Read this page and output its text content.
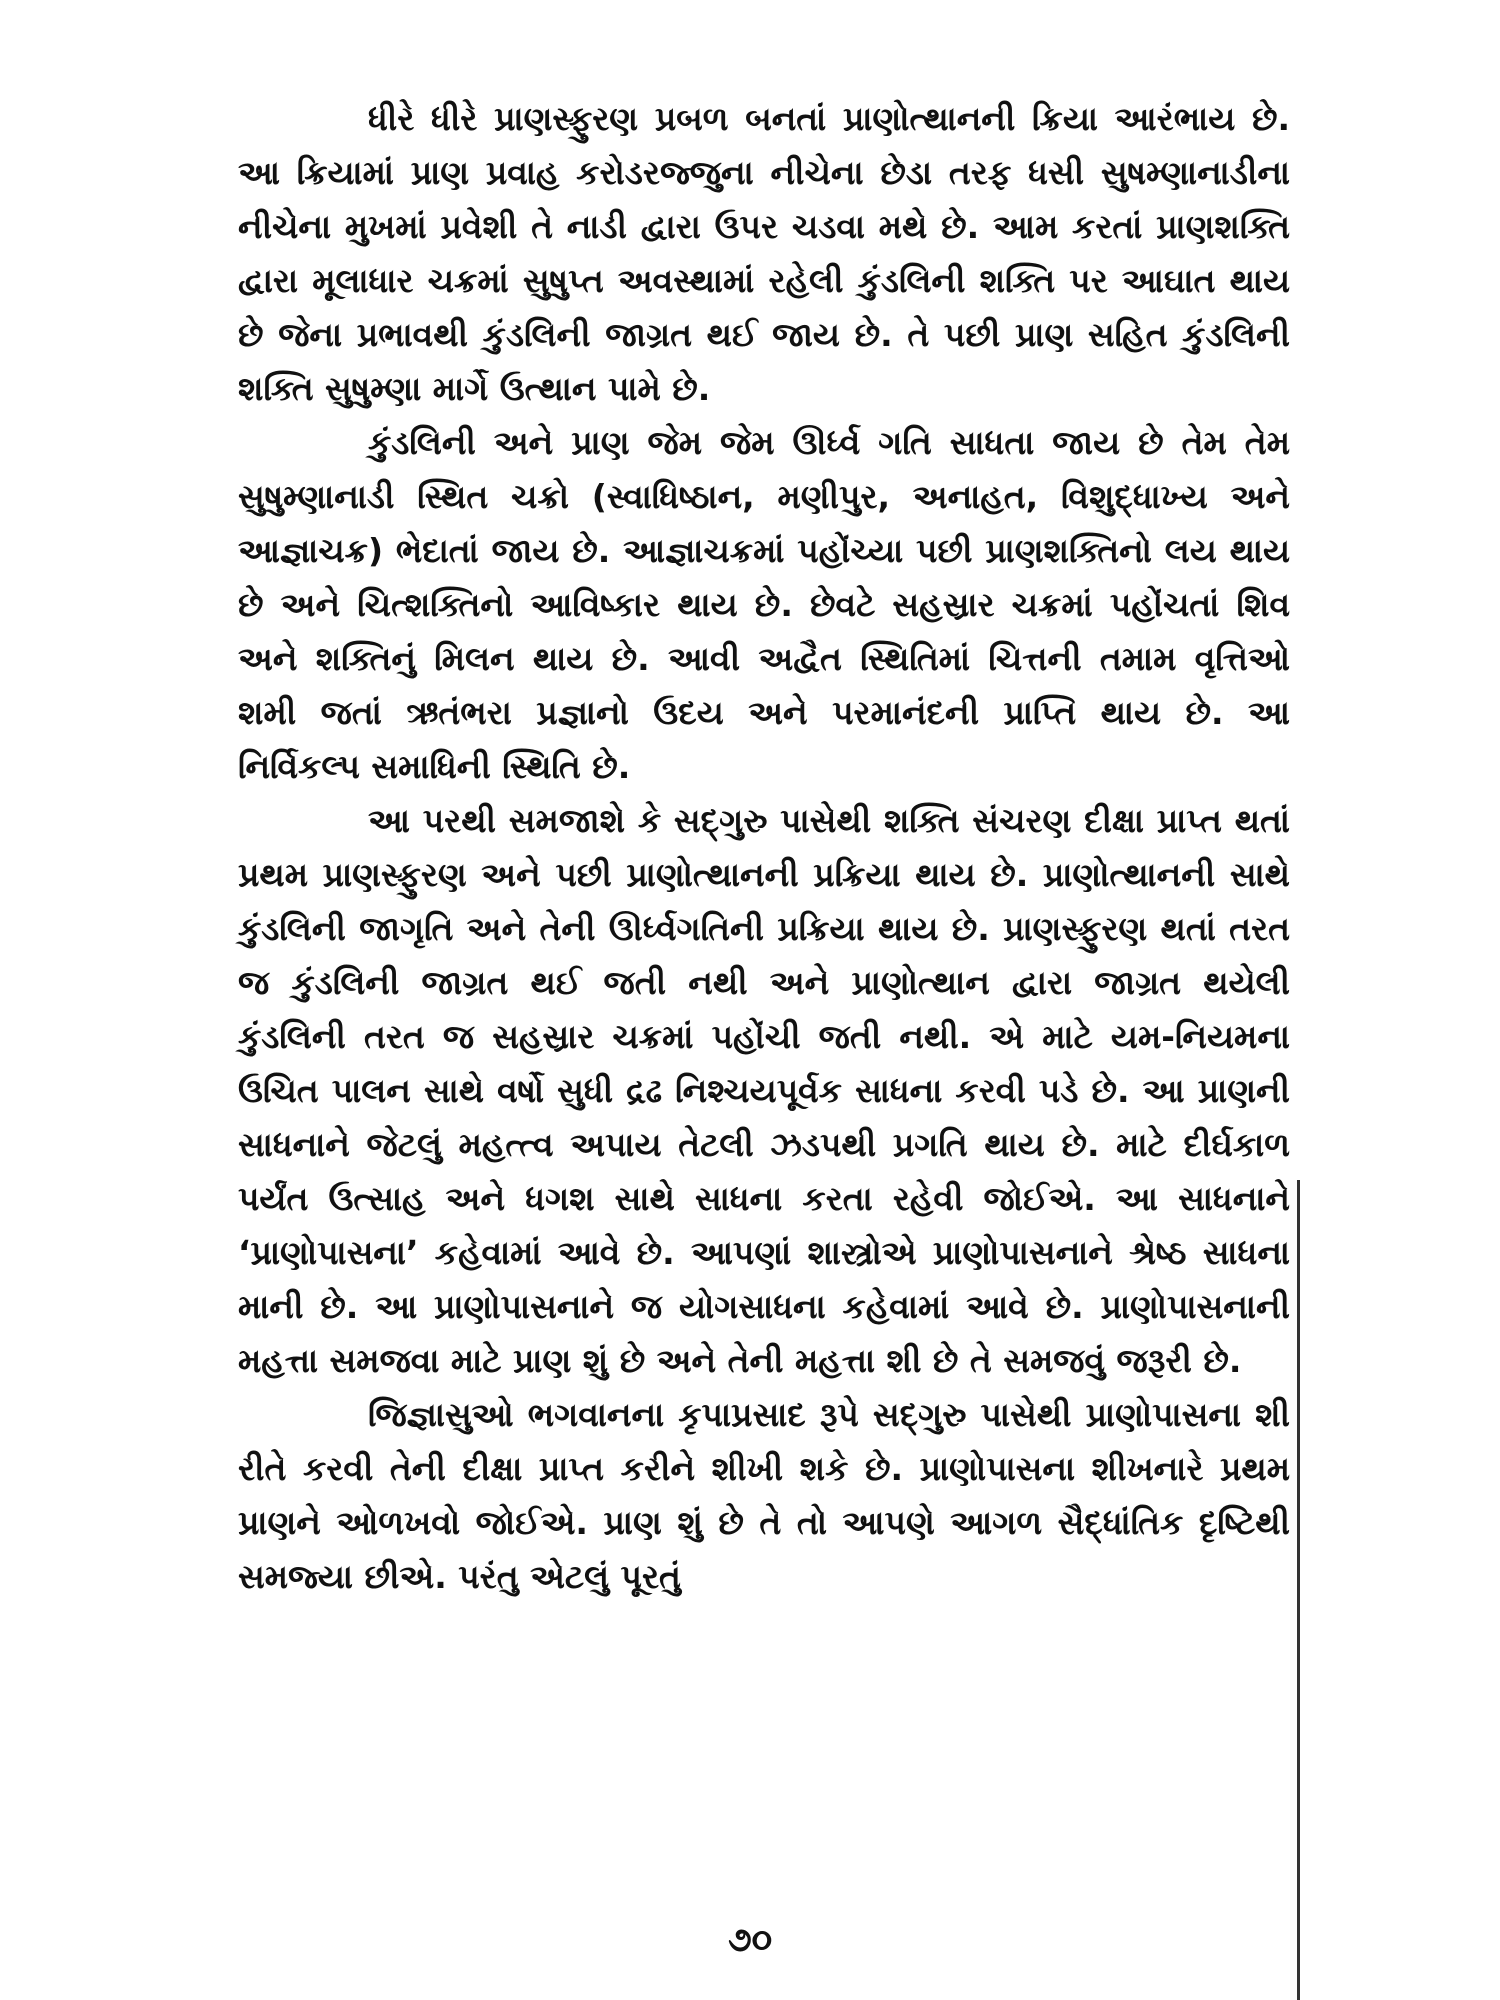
ધીરે ધીરે પ્રાણસ્ફુરણ પ્રબળ બનતાં પ્રાણોત્થાનની ક્રિયા આરંભાય છે. આ ક્રિયામાં પ્રાણ પ્રવાહ કરોડરજ્જુના નીચેના છેડા તરફ ધસી સુષમ્ણાનાડીના નીચેના મુખમાં પ્રવેશી તે નાડી દ્વારા ઉપર ચડવા મથે છે. આમ કરતાં પ્રાણશક્તિ દ્વારા મૂલાધાર ચક્રમાં સુષુપ્ત અવસ્થામાં રહેલી કુંડલિની શક્તિ પર આઘાત થાય છે જેના પ્રભાવથી કુંડલિની જાગ્રત થઈ જાય છે. તે પછી પ્રાણ સહિત કુંડલિની શક્તિ સુષુમ્ણા માર્ગે ઉત્થાન પામે છે.

કુંડલિની અને પ્રાણ જેમ જેમ ઊર્ધ્વ ગતિ સાધતા જાય છે તેમ તેમ સુષુમ્ણાનાડી સ્થિત ચક્રો (સ્વાધિષ્ઠાન, મણીપુર, અનાહત, વિશુદ્ધાખ્ય અને આજ્ઞાચક્ર) ભેદાતાં જાય છે. આજ્ઞાચક્રમાં પહોંચ્યા પછી પ્રાણશક્તિનો લય થાય છે અને ચિત્શક્તિનો આવિષ્કાર થાય છે. છેવટે સહસ્રાર ચક્રમાં પહોંચતાં શિવ અને શક્તિનું મિલન થાય છે. આવી અદ્વૈત સ્થિતિમાં ચિત્તની તમામ વૃત્તિઓ શમી જતાં ઋતંભરા પ્રજ્ઞાનો ઉદય અને પરમાનંદની પ્રાપ્તિ થાય છે. આ નિર્વિકલ્પ સમાધિની સ્થિતિ છે.

આ પરથી સમજાશે કે સદ્‌ગુરુ પાસેથી શક્તિ સંચરણ દીક્ષા પ્રાપ્ત થતાં પ્રથમ પ્રાણસ્ફુરણ અને પછી પ્રાણોત્થાનની પ્રક્રિયા થાય છે. પ્રાણોત્થાનની સાથે કુંડલિની જાગૃતિ અને તેની ઊર્ધ્વગતિની પ્રક્રિયા થાય છે. પ્રાણસ્ફુરણ થતાં તરત જ કુંડલિની જાગ્રત થઈ જતી નથી અને પ્રાણોત્થાન દ્વારા જાગ્રત થયેલી કુંડલિની તરત જ સહસ્રાર ચક્રમાં પહોંચી જતી નથી. એ માટે યમ-નિયમના ઉચિત પાલન સાથે વર્ષો સુધી દ્રઢ નિશ્ચયપૂર્વક સાધના કરવી પડે છે. આ પ્રાણની સાધનાને જેટલું મહત્ત્વ અપાય તેટલી ઝડપથી પ્રગતિ થાય છે. માટે દીર્ઘકાળ પર્યંત ઉત્સાહ અને ધગશ સાથે સાધના કરતા રહેવી જોઈએ. આ સાધનાને ‘પ્રાણોપાસના’ કહેવામાં આવે છે. આપણાં શાસ્ત્રોએ પ્રાણોપાસનાને શ્રેષ્ઠ સાધના માની છે. આ પ્રાણોપાસનાને જ યોગસાધના કહેવામાં આવે છે. પ્રાણોપાસનાની મહત્તા સમજવા માટે પ્રાણ શું છે અને તેની મહત્તા શી છે તે સમજવું જરૂરી છે.

જિજ્ઞાસુઓ ભગવાનના કૃપાપ્રસાદ રૂપે સદ્‌ગુરુ પાસેથી પ્રાણોપાસના શી રીતે કરવી તેની દીક્ષા પ્રાપ્ત કરીને શીખી શકે છે. પ્રાણોપાસના શીખનારે પ્રથમ પ્રાણને ઓળખવો જોઈએ. પ્રાણ શું છે તે તો આપણે આગળ સૈદ્ધાંતિક દૃષ્ટિથી સમજ્યા છીએ. પરંતુ એટલું પૂરતું

૭૦
